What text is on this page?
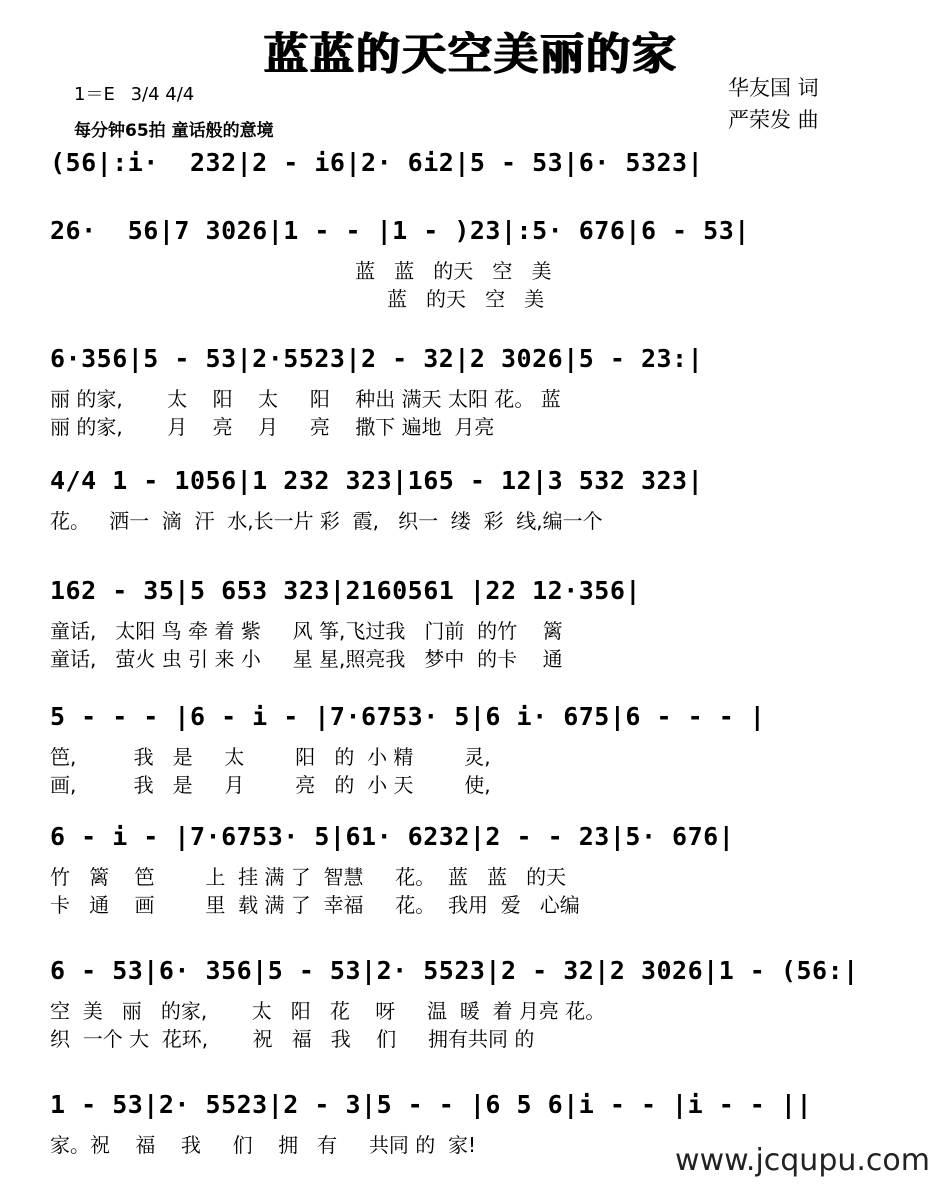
蓝蓝的天空美丽的家
1＝E 3/4 4/4
每分钟65拍 童话般的意境
华友国 词
严荣发 曲
(56|:i·  232|2 - i6|2· 6i2|5 - 53|6· 5323|
26·  56|7 3026|1 - - |1 - )23|:5· 676|6 - 53|
蓝   蓝   的天   空   美
蓝   的天   空   美
6·356|5 - 53|2·5523|2 - 32|2 3026|5 - 23:|
丽 的家,       太    阳    太     阳    种出 满天 太阳 花。 蓝
丽 的家,       月    亮    月     亮    撒下 遍地  月亮
4/4 1 - 1056|1 232 323|165 - 12|3 532 323|
花。   洒一  滴  汗  水,长一片 彩  霞,   织一  缕  彩  线,编一个
162 - 35|5 653 323|2160561 |22 12·356|
童话,   太阳 鸟 牵 着 紫     风 筝,飞过我   门前  的竹    篱
童话,   萤火 虫 引 来 小     星 星,照亮我   梦中  的卡    通
5 - - - |6 - i - |7·6753· 5|6 i· 675|6 - - - |
笆,         我   是     太        阳   的  小 精        灵,
画,         我   是     月        亮   的  小 天        使,
6 - i - |7·6753· 5|61· 6232|2 - - 23|5· 676|
竹   篱    笆        上  挂 满 了  智慧     花。  蓝   蓝   的天
卡   通    画        里  载 满 了  幸福     花。  我用  爱   心编
6 - 53|6· 356|5 - 53|2· 5523|2 - 32|2 3026|1 - (56:|
空  美   丽   的家,       太   阳   花    呀     温  暖  着 月亮 花。
织  一个 大  花环,       祝   福   我    们     拥有共同 的
1 - 53|2· 5523|2 - 3|5 - - |6 5 6|i - - |i - - ||
家。祝    福    我     们    拥   有     共同 的  家!	www.jcqupu.com
